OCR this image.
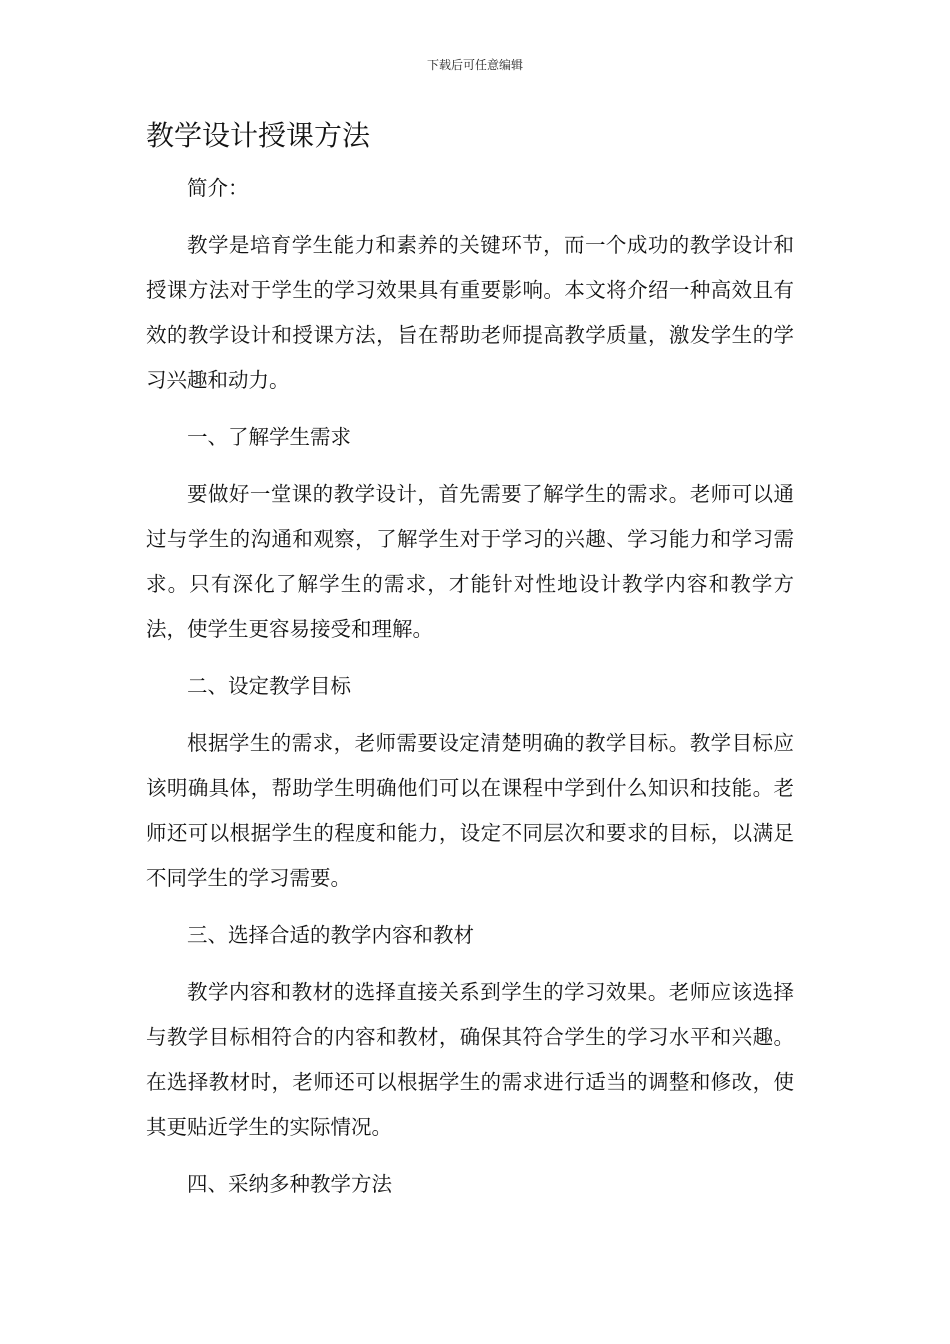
下载后可任意编辑
教学设计授课方法

简介：

教学是培育学生能力和素养的关键环节，而一个成功的教学设计和授课方法对于学生的学习效果具有重要影响。本文将介绍一种高效且有效的教学设计和授课方法，旨在帮助老师提高教学质量，激发学生的学习兴趣和动力。

一、了解学生需求

要做好一堂课的教学设计，首先需要了解学生的需求。老师可以通过与学生的沟通和观察，了解学生对于学习的兴趣、学习能力和学习需求。只有深化了解学生的需求，才能针对性地设计教学内容和教学方法，使学生更容易接受和理解。

二、设定教学目标

根据学生的需求，老师需要设定清楚明确的教学目标。教学目标应该明确具体，帮助学生明确他们可以在课程中学到什么知识和技能。老师还可以根据学生的程度和能力，设定不同层次和要求的目标，以满足不同学生的学习需要。

三、选择合适的教学内容和教材

教学内容和教材的选择直接关系到学生的学习效果。老师应该选择与教学目标相符合的内容和教材，确保其符合学生的学习水平和兴趣。在选择教材时，老师还可以根据学生的需求进行适当的调整和修改，使其更贴近学生的实际情况。

四、采纳多种教学方法
